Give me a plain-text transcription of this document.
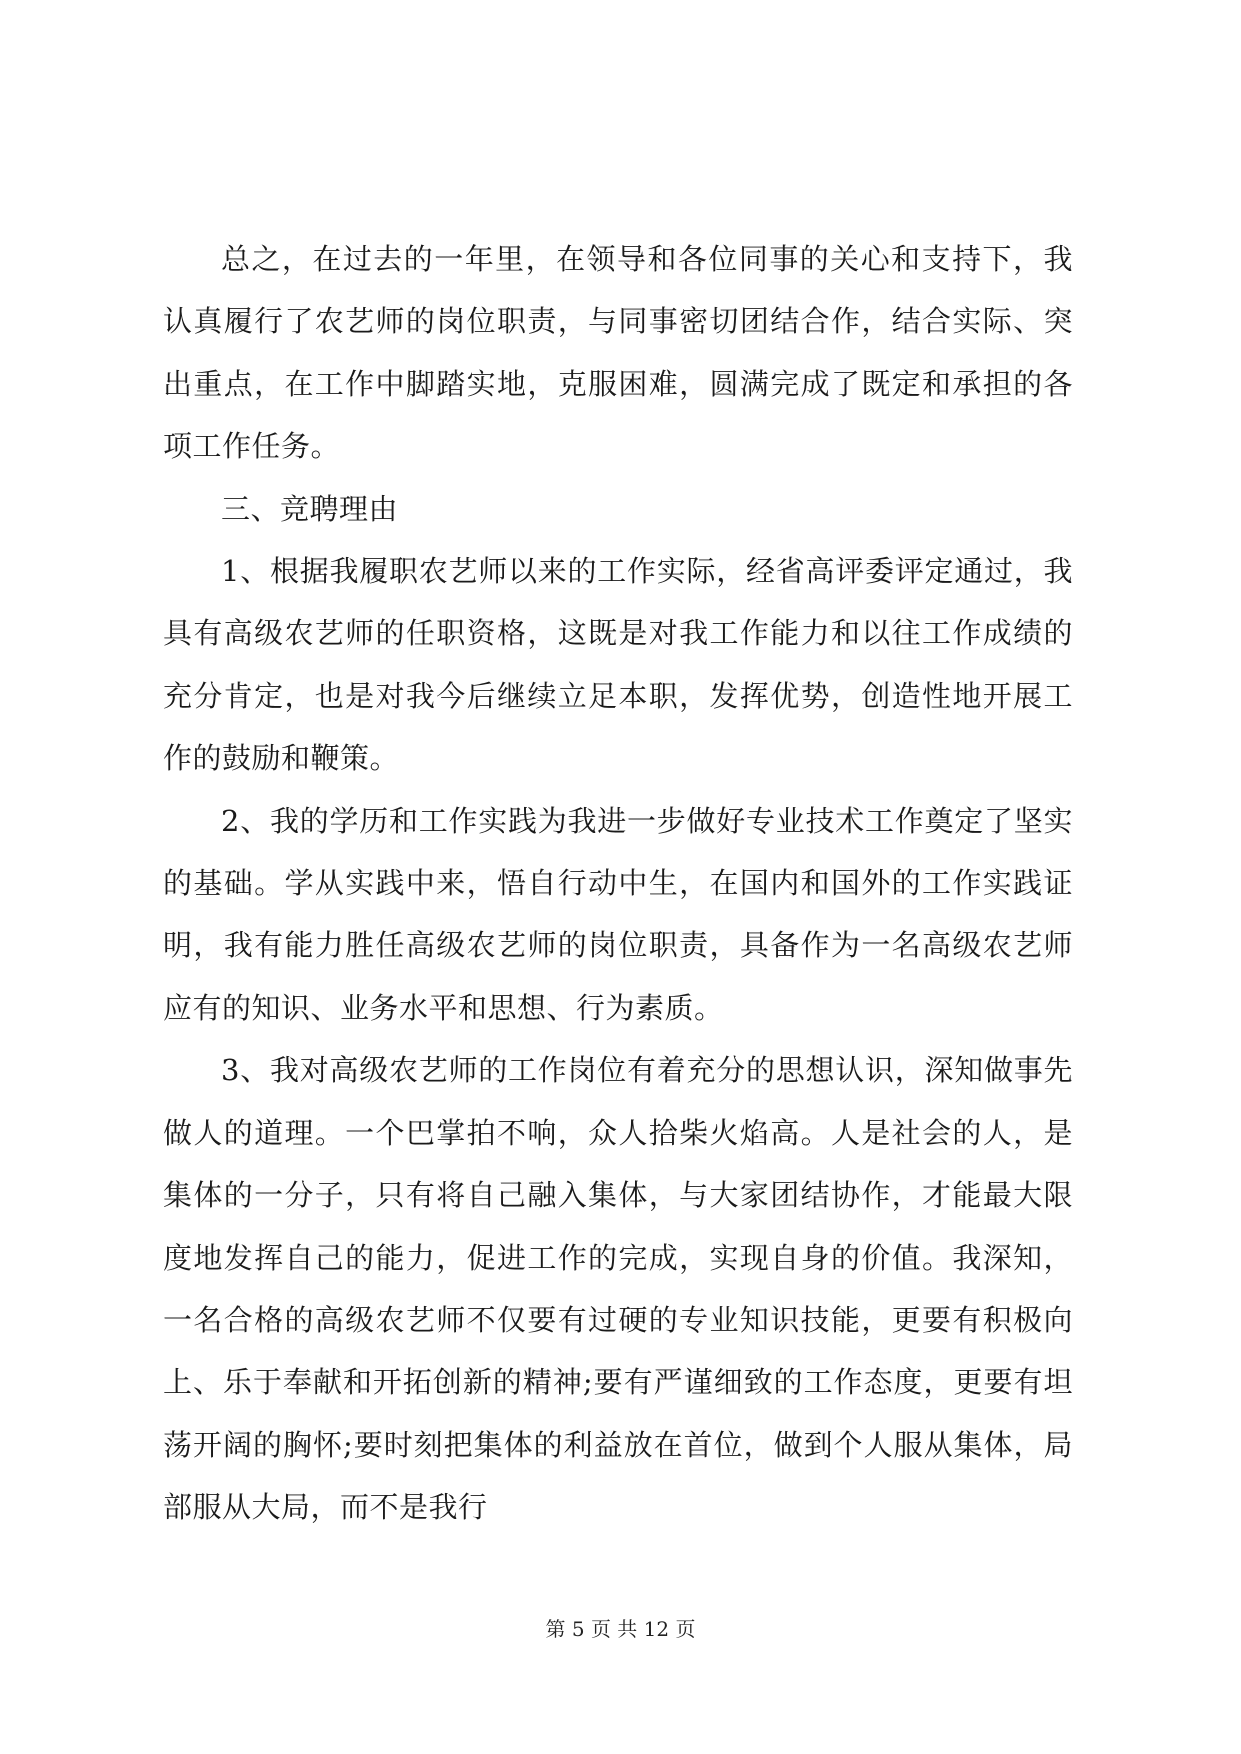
总之，在过去的一年里，在领导和各位同事的关心和支持下，我认真履行了农艺师的岗位职责，与同事密切团结合作，结合实际、突出重点，在工作中脚踏实地，克服困难，圆满完成了既定和承担的各项工作任务。

三、竞聘理由

1、根据我履职农艺师以来的工作实际，经省高评委评定通过，我具有高级农艺师的任职资格，这既是对我工作能力和以往工作成绩的充分肯定，也是对我今后继续立足本职，发挥优势，创造性地开展工作的鼓励和鞭策。

2、我的学历和工作实践为我进一步做好专业技术工作奠定了坚实的基础。学从实践中来，悟自行动中生，在国内和国外的工作实践证明，我有能力胜任高级农艺师的岗位职责，具备作为一名高级农艺师应有的知识、业务水平和思想、行为素质。

3、我对高级农艺师的工作岗位有着充分的思想认识，深知做事先做人的道理。一个巴掌拍不响，众人拾柴火焰高。人是社会的人，是集体的一分子，只有将自己融入集体，与大家团结协作，才能最大限度地发挥自己的能力，促进工作的完成，实现自身的价值。我深知，一名合格的高级农艺师不仅要有过硬的专业知识技能，更要有积极向上、乐于奉献和开拓创新的精神;要有严谨细致的工作态度，更要有坦荡开阔的胸怀;要时刻把集体的利益放在首位，做到个人服从集体，局部服从大局，而不是我行

第 5 页 共 12 页
